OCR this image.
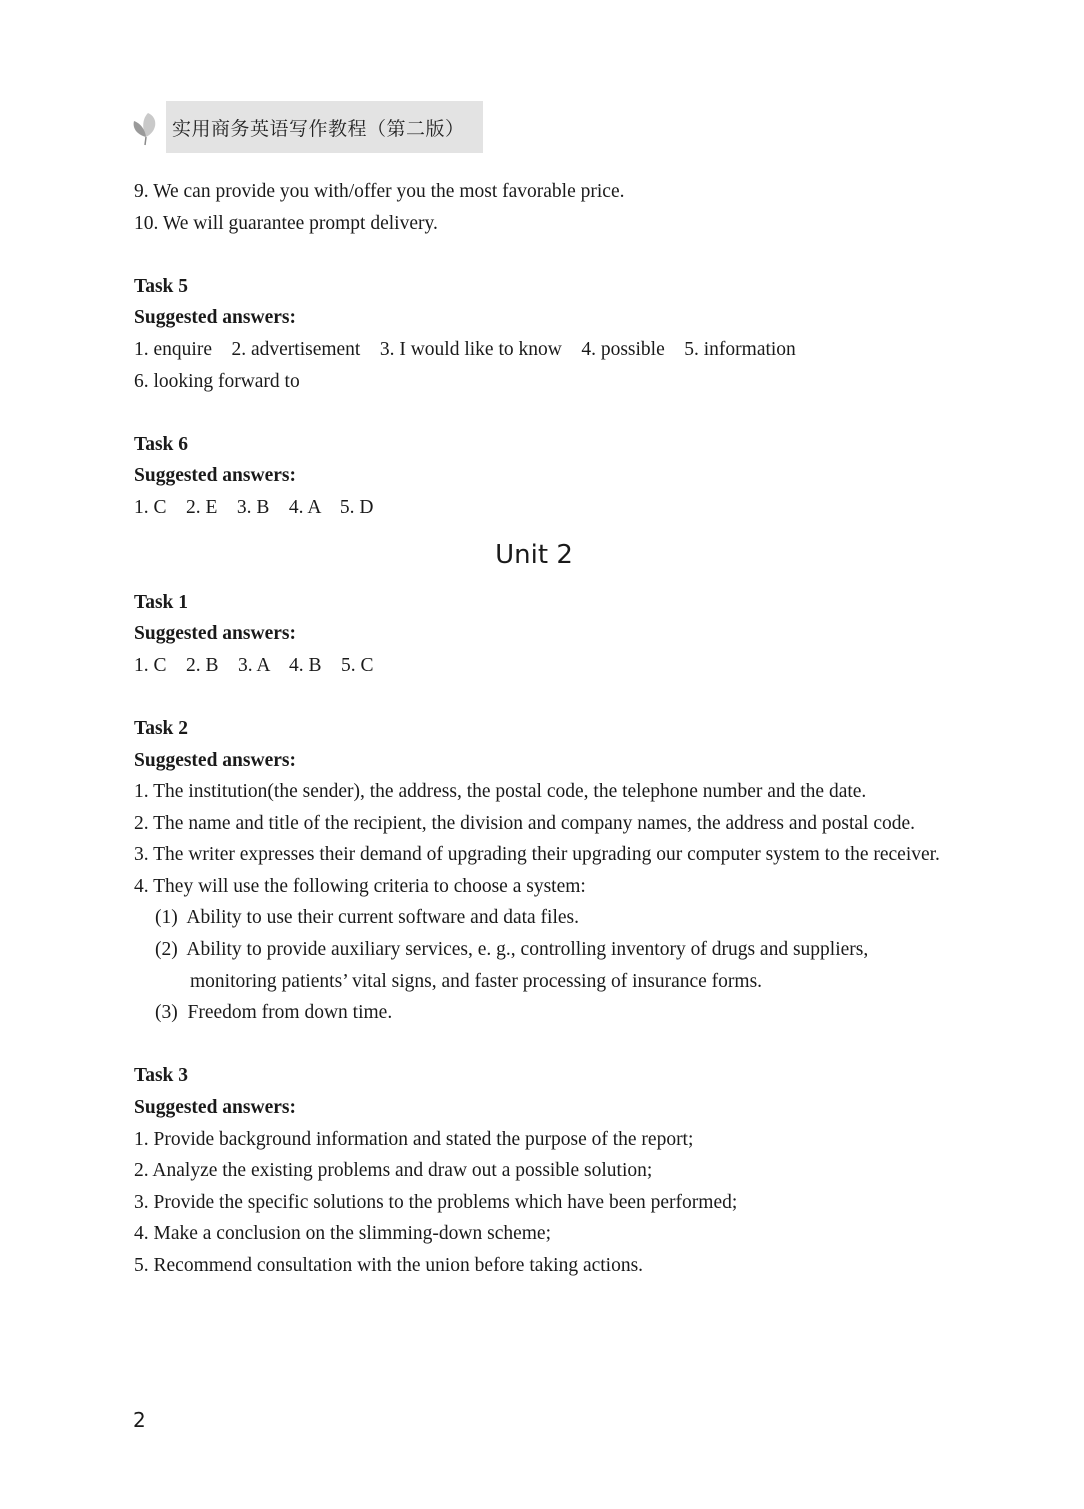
实用商务英语写作教程（第二版）

9. We can provide you with/offer you the most favorable price.

10. We will guarantee prompt delivery.

Task 5

Suggested answers:

1. enquire    2. advertisement    3. I would like to know    4. possible    5. information

6. looking forward to

Task 6

Suggested answers:

1. C    2. E    3. B    4. A    5. D

Unit 2

Task 1

Suggested answers:

1. C    2. B    3. A    4. B    5. C

Task 2

Suggested answers:

1. The institution(the sender), the address, the postal code, the telephone number and the date.

2. The name and title of the recipient, the division and company names, the address and postal code.

3. The writer expresses their demand of upgrading their upgrading our computer system to the receiver.

4. They will use the following criteria to choose a system:

(1)  Ability to use their current software and data files.

(2)  Ability to provide auxiliary services, e. g., controlling inventory of drugs and suppliers, monitoring patients’ vital signs, and faster processing of insurance forms.

(3)  Freedom from down time.

Task 3

Suggested answers:

1. Provide background information and stated the purpose of the report;

2. Analyze the existing problems and draw out a possible solution;

3. Provide the specific solutions to the problems which have been performed;

4. Make a conclusion on the slimming-down scheme;

5. Recommend consultation with the union before taking actions.

2
